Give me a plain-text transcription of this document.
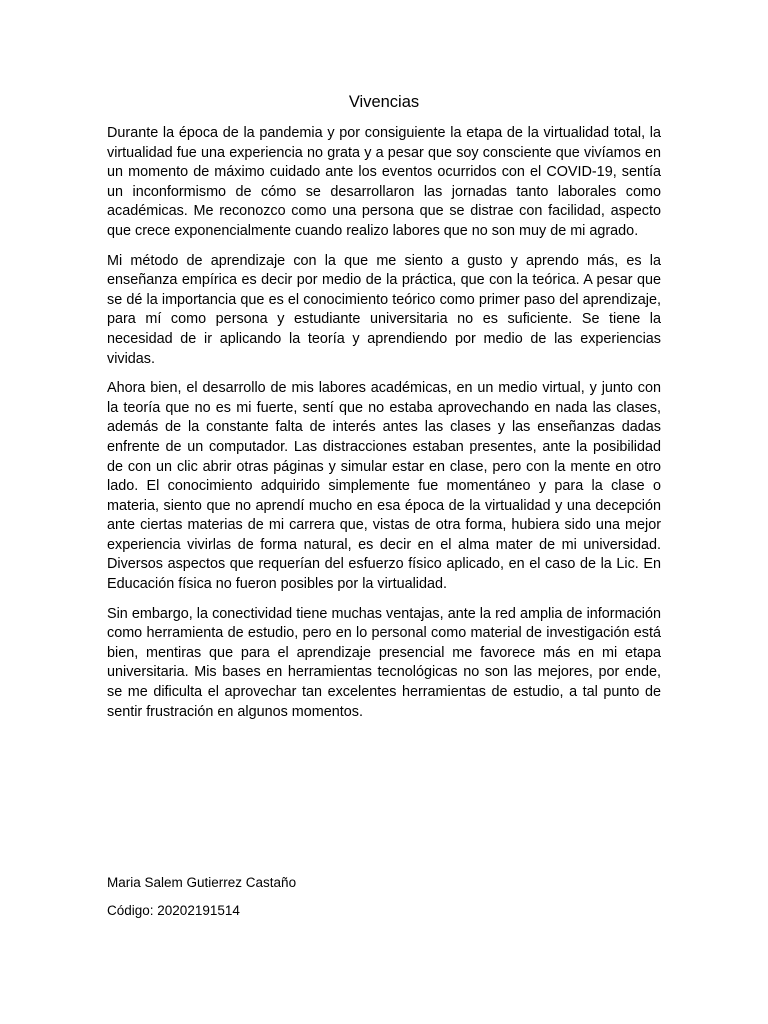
Vivencias

Durante la época de la pandemia y por consiguiente la etapa de la virtualidad total, la virtualidad fue una experiencia no grata y a pesar que soy consciente que vivíamos en un momento de máximo cuidado ante los eventos ocurridos con el COVID-19, sentía un inconformismo de cómo se desarrollaron las jornadas tanto laborales como académicas. Me reconozco como una persona que se distrae con facilidad, aspecto que crece exponencialmente cuando realizo labores que no son muy de mi agrado.

Mi método de aprendizaje con la que me siento a gusto y aprendo más, es la enseñanza empírica es decir por medio de la práctica, que con la teórica. A pesar que se dé la importancia que es el conocimiento teórico como primer paso del aprendizaje, para mí como persona y estudiante universitaria no es suficiente. Se tiene la necesidad de ir aplicando la teoría y aprendiendo por medio de las experiencias vividas.

Ahora bien, el desarrollo de mis labores académicas, en un medio virtual, y junto con la teoría que no es mi fuerte, sentí que no estaba aprovechando en nada las clases, además de la constante falta de interés antes las clases y las enseñanzas dadas enfrente de un computador. Las distracciones estaban presentes, ante la posibilidad de con un clic abrir otras páginas y simular estar en clase, pero con la mente en otro lado. El conocimiento adquirido simplemente fue momentáneo y para la clase o materia, siento que no aprendí mucho en esa época de la virtualidad y una decepción ante ciertas materias de mi carrera que, vistas de otra forma, hubiera sido una mejor experiencia vivirlas de forma natural, es decir en el alma mater de mi universidad. Diversos aspectos que requerían del esfuerzo físico aplicado, en el caso de la Lic. En Educación física no fueron posibles por la virtualidad.

Sin embargo, la conectividad tiene muchas ventajas, ante la red amplia de información como herramienta de estudio, pero en lo personal como material de investigación está bien, mentiras que para el aprendizaje presencial me favorece más en mi etapa universitaria. Mis bases en herramientas tecnológicas no son las mejores, por ende, se me dificulta el aprovechar tan excelentes herramientas de estudio, a tal punto de sentir frustración en algunos momentos.

Maria Salem Gutierrez Castaño

Código: 20202191514
